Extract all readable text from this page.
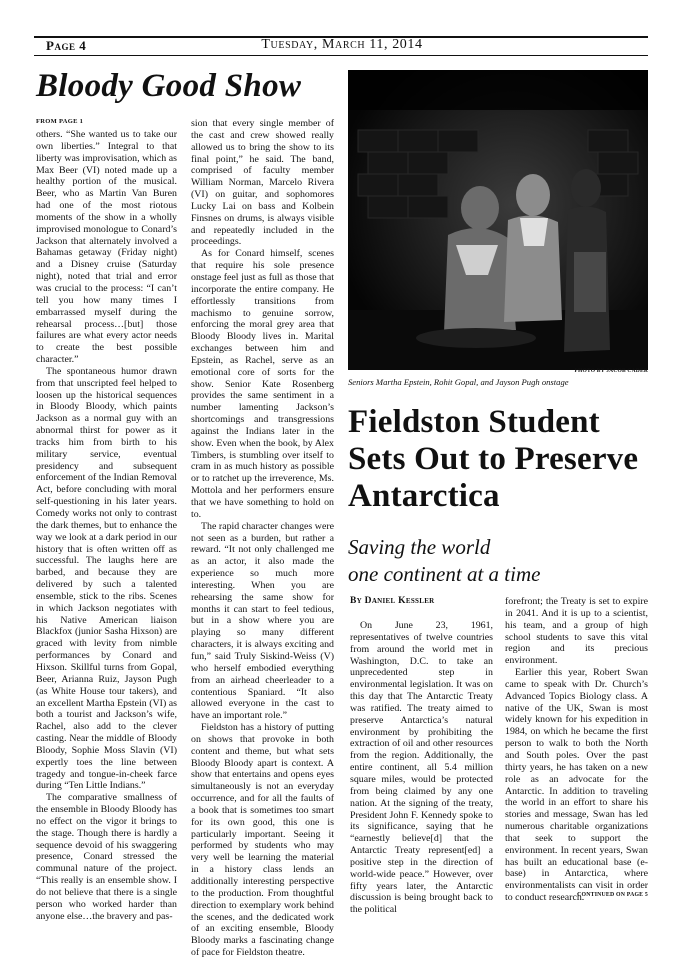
Page 4	Tuesday, March 11, 2014
Bloody Good Show
FROM PAGE 1

others. “She wanted us to take our own liberties.” Integral to that liberty was improvisation, which as Max Beer (VI) noted made up a healthy portion of the musical. Beer, who as Martin Van Buren had one of the most riotous moments of the show in a wholly improvised monologue to Conard’s Jackson that alternately involved a Bahamas getaway (Friday night) and a Disney cruise (Saturday night), noted that trial and error was crucial to the process: “I can’t tell you how many times I embarrassed myself during the rehearsal process…[but] those failures are what every actor needs to create the best possible character.”

The spontaneous humor drawn from that unscripted feel helped to loosen up the historical sequences in Bloody Bloody, which paints Jackson as a normal guy with an abnormal thirst for power as it tracks him from birth to his military service, eventual presidency and subsequent enforcement of the Indian Removal Act, before concluding with moral self-questioning in his later years. Comedy works not only to contrast the dark themes, but to enhance the way we look at a dark period in our history that is often written off as successful. The laughs here are barbed, and because they are delivered by such a talented ensemble, stick to the ribs. Scenes in which Jackson negotiates with his Native American liaison Blackfox (junior Sasha Hixson) are graced with levity from nimble performances by Conard and Hixson. Skillful turns from Gopal, Beer, Arianna Ruiz, Jayson Pugh (as White House tour takers), and an excellent Martha Epstein (VI) as both a tourist and Jackson’s wife, Rachel, also add to the clever casting. Near the middle of Bloody Bloody, Sophie Moss Slavin (VI) expertly toes the line between tragedy and tongue-in-cheek farce during “Ten Little Indians.”

The comparative smallness of the ensemble in Bloody Bloody has no effect on the vigor it brings to the stage. Though there is hardly a sequence devoid of his swaggering presence, Conard stressed the communal nature of the project. “This really is an ensemble show. I do not believe that there is a single person who worked harder than anyone else…the bravery and pas-

sion that every single member of the cast and crew showed really allowed us to bring the show to its final point,” he said. The band, comprised of faculty member William Norman, Marcelo Rivera (VI) on guitar, and sophomores Lucky Lai on bass and Kolbein Finsnes on drums, is always visible and repeatedly included in the proceedings.

As for Conard himself, scenes that require his sole presence onstage feel just as full as those that incorporate the entire company. He effortlessly transitions from machismo to genuine sorrow, enforcing the moral grey area that Bloody Bloody lives in. Marital exchanges between him and Epstein, as Rachel, serve as an emotional core of sorts for the show. Senior Kate Rosenberg provides the same sentiment in a number lamenting Jackson’s shortcomings and transgressions against the Indians later in the show. Even when the book, by Alex Timbers, is stumbling over itself to cram in as much history as possible or to ratchet up the irreverence, Ms. Mottola and her performers ensure that we have something to hold on to.

The rapid character changes were not seen as a burden, but rather a reward. “It not only challenged me as an actor, it also made the experience so much more interesting. When you are rehearsing the same show for months it can start to feel tedious, but in a show where you are playing so many different characters, it is always exciting and fun,” said Truly Siskind-Weiss (V) who herself embodied everything from an airhead cheerleader to a contentious Spaniard. “It also allowed everyone in the cast to have an important role.”

Fieldston has a history of putting on shows that provoke in both content and theme, but what sets Bloody Bloody apart is context. A show that entertains and opens eyes simultaneously is not an everyday occurrence, and for all the faults of a book that is sometimes too smart for its own good, this one is particularly important. Seeing it performed by students who may very well be learning the material in a history class lends an additionally interesting perspective to the production. From thoughtful direction to exemplary work behind the scenes, and the dedicated work of an exciting ensemble, Bloody Bloody marks a fascinating change of pace for Fieldston theatre.

PHOTO BY JACOB CADER
Seniors Martha Epstein, Rohit Gopal, and Jayson Pugh onstage
Fieldston Student Sets Out to Preserve Antarctica
Saving the world
one continent at a time
By Daniel Kessler

On June 23, 1961, representatives of twelve countries from around the world met in Washington, D.C. to take an unprecedented step in environmental legislation. It was on this day that The Antarctic Treaty was ratified. The treaty aimed to preserve Antarctica’s natural environment by prohibiting the extraction of oil and other resources from the region. Additionally, the entire continent, all 5.4 million square miles, would be protected from being claimed by any one nation. At the signing of the treaty, President John F. Kennedy spoke to its significance, saying that he “earnestly believe[d] that the Antarctic Treaty represent[ed] a positive step in the direction of world-wide peace.” However, over fifty years later, the Antarctic discussion is being brought back to the political

forefront; the Treaty is set to expire in 2041. And it is up to a scientist, his team, and a group of high school students to save this vital region and its precious environment.

Earlier this year, Robert Swan came to speak with Dr. Church’s Advanced Topics Biology class. A native of the UK, Swan is most widely known for his expedition in 1984, on which he became the first person to walk to both the North and South poles. Over the past thirty years, he has taken on a new role as an advocate for the Antarctic. In addition to traveling the world in an effort to share his stories and message, Swan has led numerous charitable organizations that seek to support the environment. In recent years, Swan has built an educational base (e-base) in Antarctica, where environmentalists can visit in order to conduct research.

CONTINUED ON PAGE 5
